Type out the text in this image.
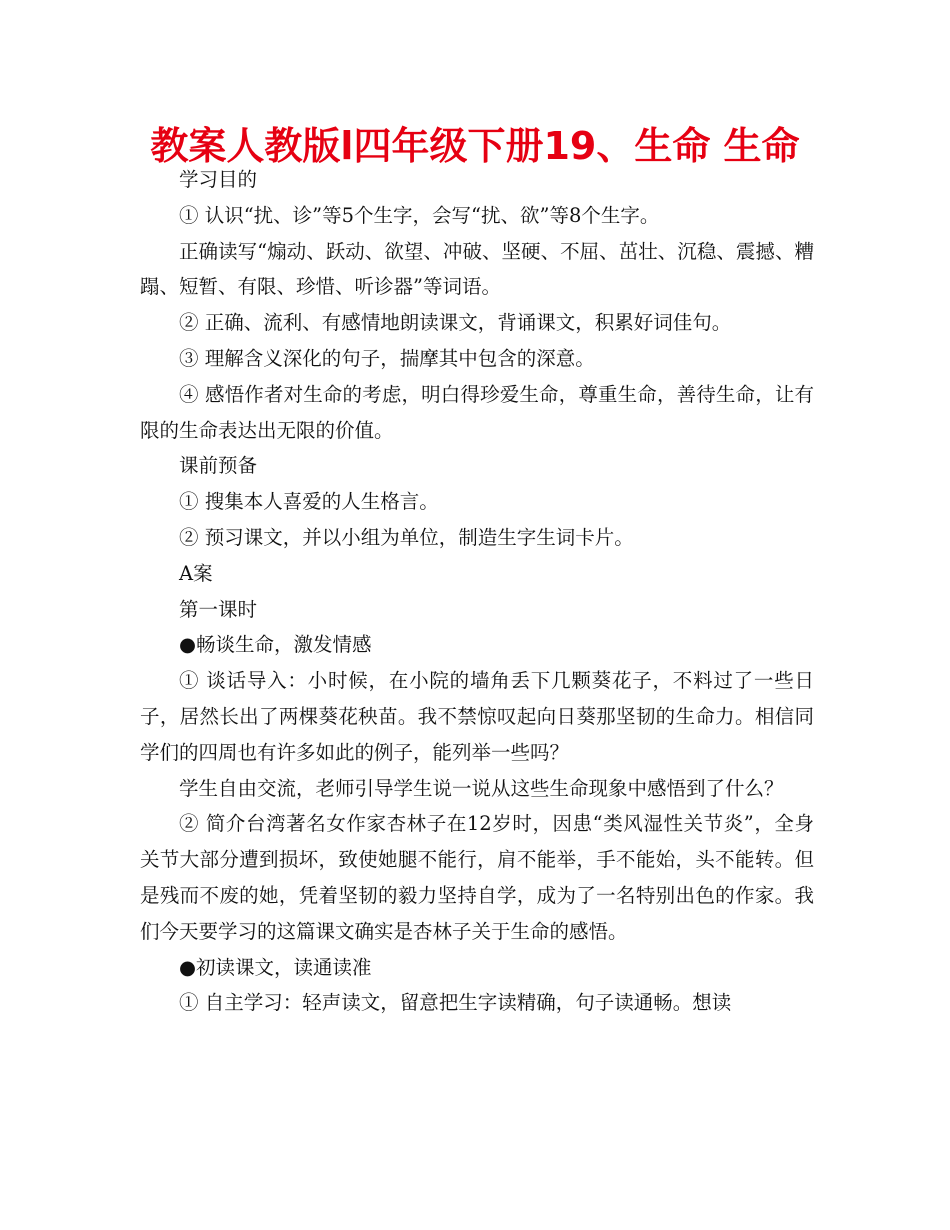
教案人教版l四年级下册19、生命 生命

学习目的

① 认识“扰、诊”等5个生字，会写“扰、欲”等8个生字。

正确读写“煽动、跃动、欲望、冲破、坚硬、不屈、茁壮、沉稳、震撼、糟蹋、短暂、有限、珍惜、听诊器”等词语。

② 正确、流利、有感情地朗读课文，背诵课文，积累好词佳句。

③ 理解含义深化的句子，揣摩其中包含的深意。

④ 感悟作者对生命的考虑，明白得珍爱生命，尊重生命，善待生命，让有限的生命表达出无限的价值。

课前预备

① 搜集本人喜爱的人生格言。

② 预习课文，并以小组为单位，制造生字生词卡片。

A案

第一课时

●畅谈生命，激发情感

① 谈话导入：小时候，在小院的墙角丢下几颗葵花子，不料过了一些日子，居然长出了两棵葵花秧苗。我不禁惊叹起向日葵那坚韧的生命力。相信同学们的四周也有许多如此的例子，能列举一些吗？

学生自由交流，老师引导学生说一说从这些生命现象中感悟到了什么？

② 简介台湾著名女作家杏林子在12岁时，因患“类风湿性关节炎”，全身关节大部分遭到损坏，致使她腿不能行，肩不能举，手不能始，头不能转。但是残而不废的她，凭着坚韧的毅力坚持自学，成为了一名特别出色的作家。我们今天要学习的这篇课文确实是杏林子关于生命的感悟。

●初读课文，读通读准

① 自主学习：轻声读文，留意把生字读精确，句子读通畅。想读
